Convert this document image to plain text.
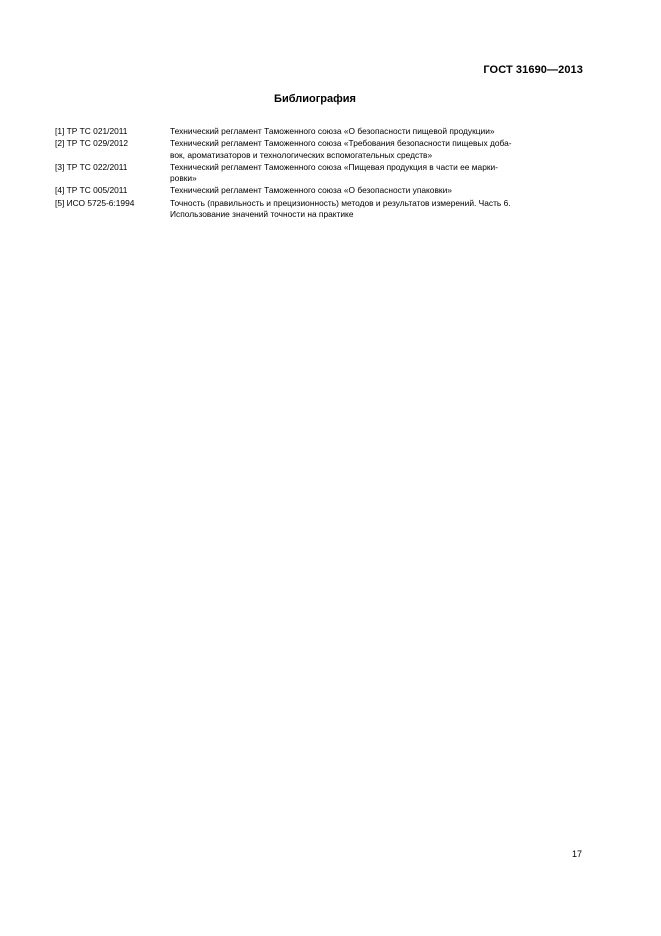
ГОСТ 31690—2013
Библиография
[1] ТР ТС 021/2011	Технический регламент Таможенного союза «О безопасности пищевой продукции»
[2] ТР ТС 029/2012	Технический регламент Таможенного союза «Требования безопасности пищевых доба-
вок, ароматизаторов и технологических вспомогательных средств»
[3] ТР ТС 022/2011	Технический регламент Таможенного союза «Пищевая продукция в части ее марки-
ровки»
[4] ТР ТС 005/2011	Технический регламент Таможенного союза «О безопасности упаковки»
[5] ИСО 5725-6:1994	Точность (правильность и прецизионность) методов и результатов измерений. Часть 6.
Использование значений точности на практике
17
